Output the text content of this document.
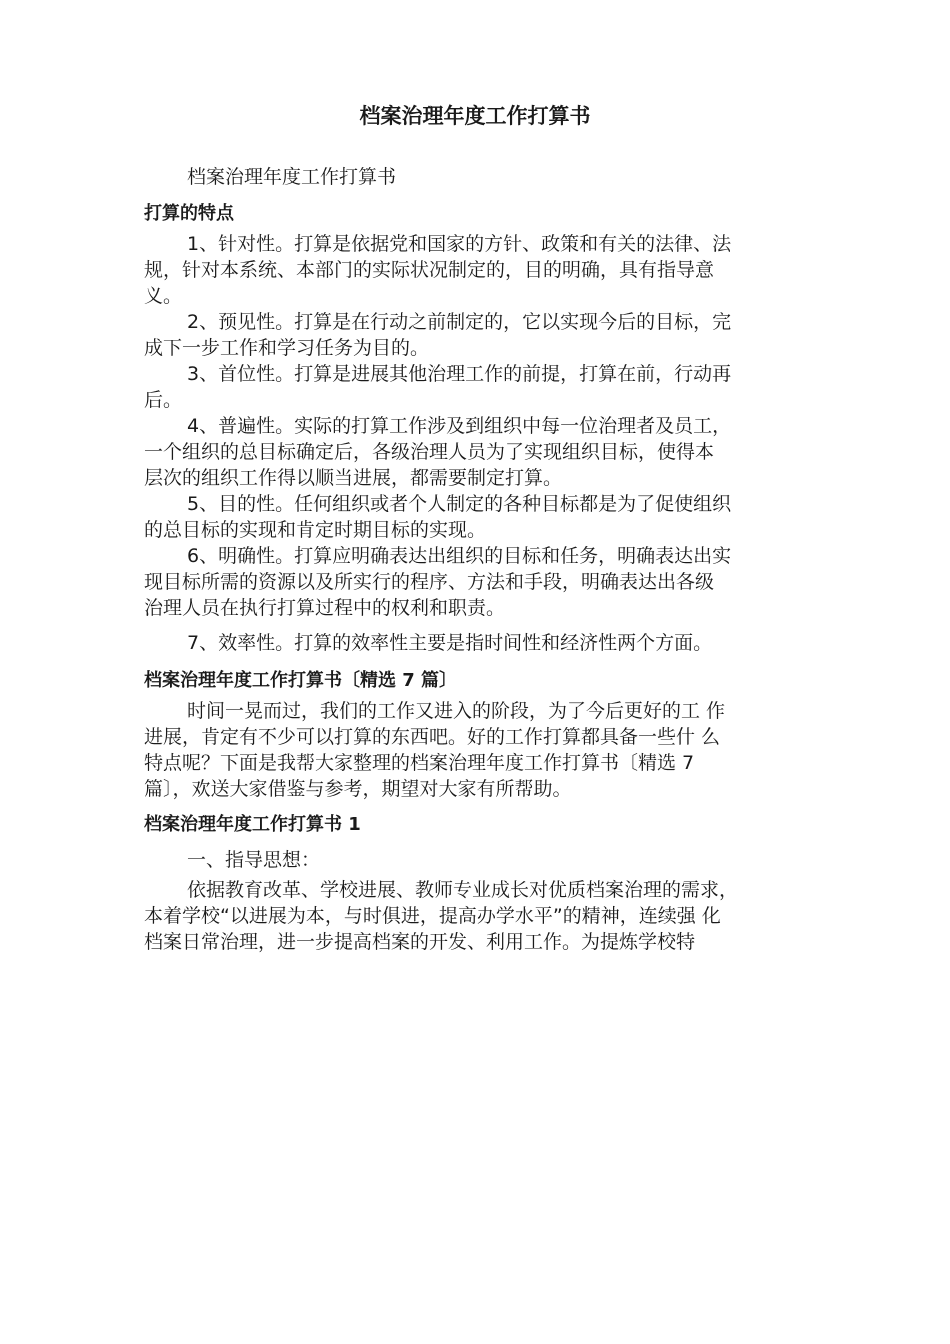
档案治理年度工作打算书
档案治理年度工作打算书
打算的特点
1、针对性。打算是依据党和国家的方针、政策和有关的法律、法
规，针对本系统、本部门的实际状况制定的，目的明确，具有指导意
义。
2、预见性。打算是在行动之前制定的，它以实现今后的目标，完
成下一步工作和学习任务为目的。
3、首位性。打算是进展其他治理工作的前提，打算在前，行动再
后。
4、普遍性。实际的打算工作涉及到组织中每一位治理者及员工，
一个组织的总目标确定后，各级治理人员为了实现组织目标，使得本
层次的组织工作得以顺当进展，都需要制定打算。
5、目的性。任何组织或者个人制定的各种目标都是为了促使组织
的总目标的实现和肯定时期目标的实现。
6、明确性。打算应明确表达出组织的目标和任务，明确表达出实
现目标所需的资源以及所实行的程序、方法和手段，明确表达出各级
治理人员在执行打算过程中的权利和职责。
7、效率性。打算的效率性主要是指时间性和经济性两个方面。
档案治理年度工作打算书〔精选 7 篇〕
时间一晃而过，我们的工作又进入的阶段，为了今后更好的工 作
进展，肯定有不少可以打算的东西吧。好的工作打算都具备一些什 么
特点呢？下面是我帮大家整理的档案治理年度工作打算书〔精选 7
篇〕，欢送大家借鉴与参考，期望对大家有所帮助。
档案治理年度工作打算书 1
一、指导思想：
依据教育改革、学校进展、教师专业成长对优质档案治理的需求，
本着学校“以进展为本，与时俱进，提高办学水平”的精神，连续强 化
档案日常治理，进一步提高档案的开发、利用工作。为提炼学校特
